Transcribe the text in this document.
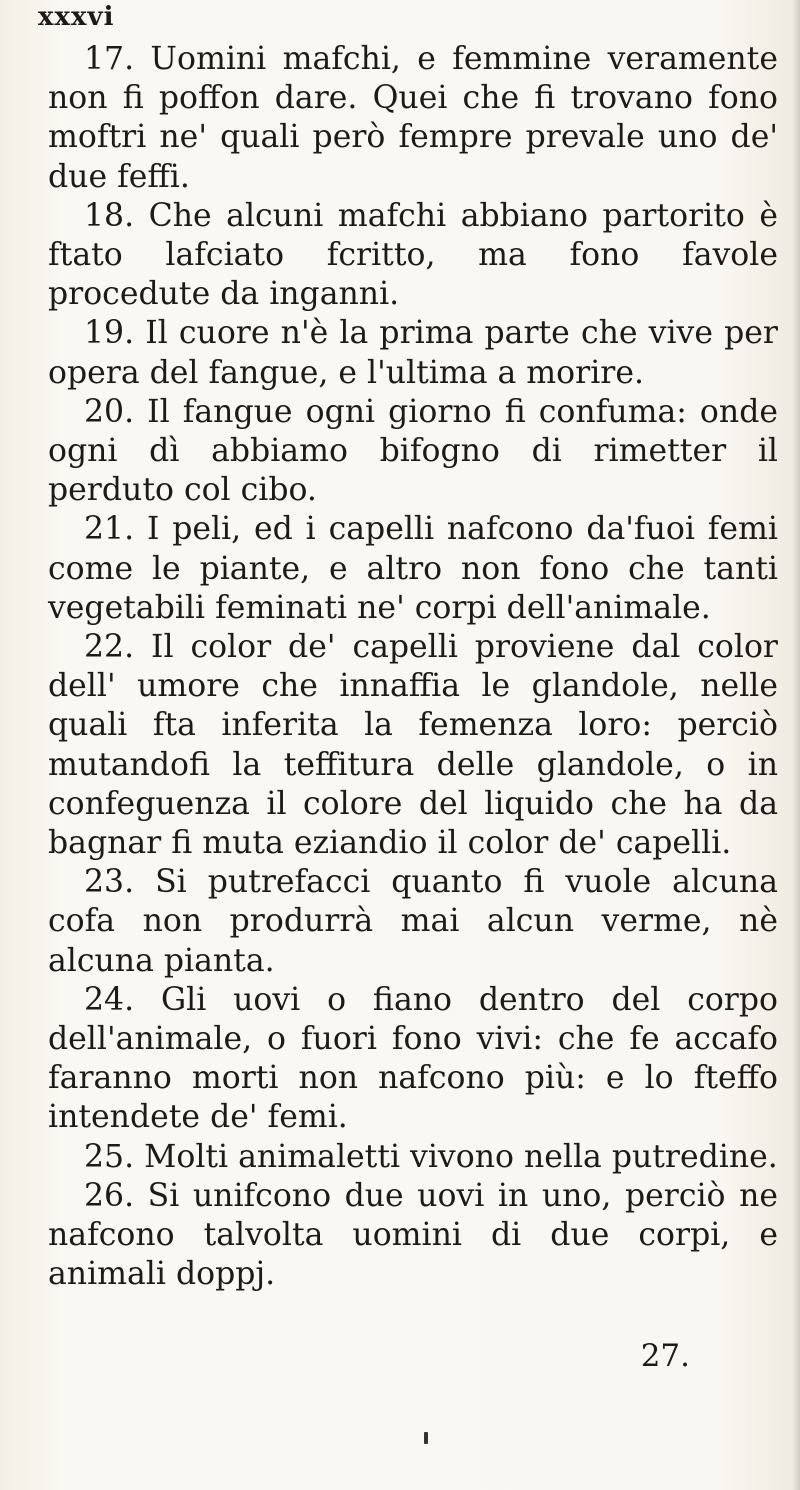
xxxvi

17. Uomini mafchi, e femmine veramente non fi poffon dare. Quei che fi trovano fono moftri ne' quali però fempre prevale uno de' due feffi.

18. Che alcuni mafchi abbiano partorito è ftato lafciato fcritto, ma fono favole procedute da inganni.

19. Il cuore n'è la prima parte che vive per opera del fangue, e l'ultima a morire.

20. Il fangue ogni giorno fi confuma: onde ogni dì abbiamo bifogno di rimetter il perduto col cibo.

21. I peli, ed i capelli nafcono da'fuoi femi come le piante, e altro non fono che tanti vegetabili feminati ne' corpi dell'animale.

22. Il color de' capelli proviene dal color dell' umore che innaffia le glandole, nelle quali fta inferita la femenza loro: perciò mutandofi la teffitura delle glandole, o in confeguenza il colore del liquido che ha da bagnar fi muta eziandio il color de' capelli.

23. Si putrefacci quanto fi vuole alcuna cofa non produrrà mai alcun verme, nè alcuna pianta.

24. Gli uovi o fiano dentro del corpo dell'animale, o fuori fono vivi: che fe accafo faranno morti non nafcono più: e lo fteffo intendete de' femi.

25. Molti animaletti vivono nella putredine.

26. Si unifcono due uovi in uno, perciò ne nafcono talvolta uomini di due corpi, e animali doppj.

27.
